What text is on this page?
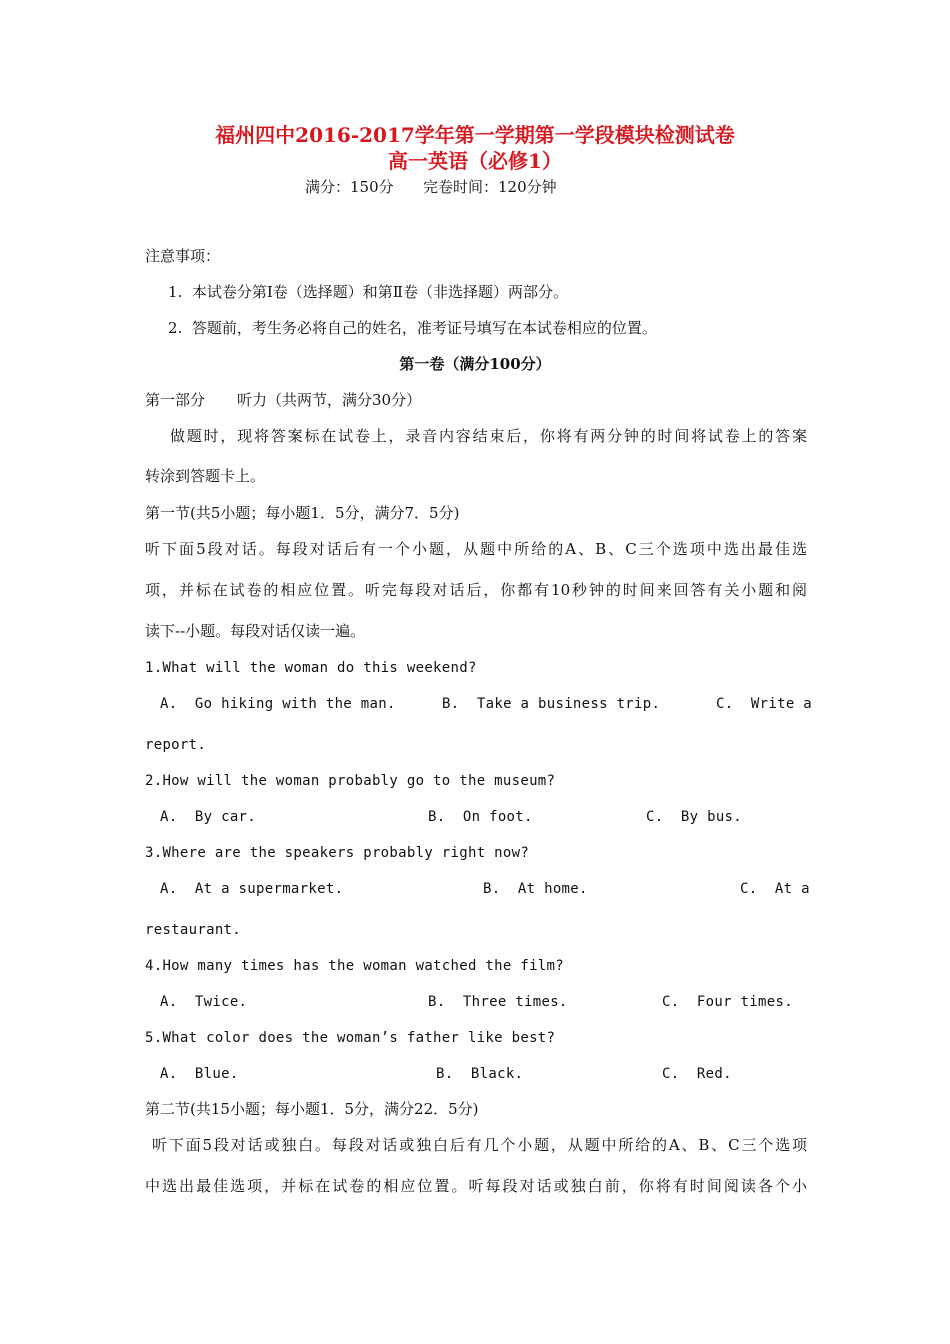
福州四中2016-2017学年第一学期第一学段模块检测试卷
高一英语（必修1）
满分：150分 完卷时间：120分钟
注意事项：
1.  本试卷分第Ⅰ卷（选择题）和第Ⅱ卷（非选择题）两部分。
2.  答题前，考生务必将自己的姓名，准考证号填写在本试卷相应的位置。
第一卷（满分100分）
第一部分 听力（共两节，满分30分）
做题时，现将答案标在试卷上，录音内容结束后，你将有两分钟的时间将试卷上的答案
转涂到答题卡上。
第一节(共5小题；每小题1．5分，满分7．5分)
听下面5段对话。每段对话后有一个小题，从题中所给的A、B、C三个选项中选出最佳选
项，并标在试卷的相应位置。听完每段对话后，你都有10秒钟的时间来回答有关小题和阅
读下--小题。每段对话仅读一遍。
1.What will the woman do this weekend?
A.  Go hiking with the man.	B.  Take a business trip.	C.  Write a
report.
2.How will the woman probably go to the museum?
A.  By car.	B.  On foot.	C.  By bus.
3.Where are the speakers probably right now?
A.  At a supermarket.	B.  At home.	C.  At a
restaurant.
4.How many times has the woman watched the film?
A.  Twice.	B.  Three times.	C.  Four times.
5.What color does the woman’s father like best?
A.  Blue.	B.  Black.	C.  Red.
第二节(共15小题；每小题1．5分，满分22．5分)
听下面5段对话或独白。每段对话或独白后有几个小题，从题中所给的A、B、C三个选项
中选出最佳选项，并标在试卷的相应位置。听每段对话或独白前，你将有时间阅读各个小
